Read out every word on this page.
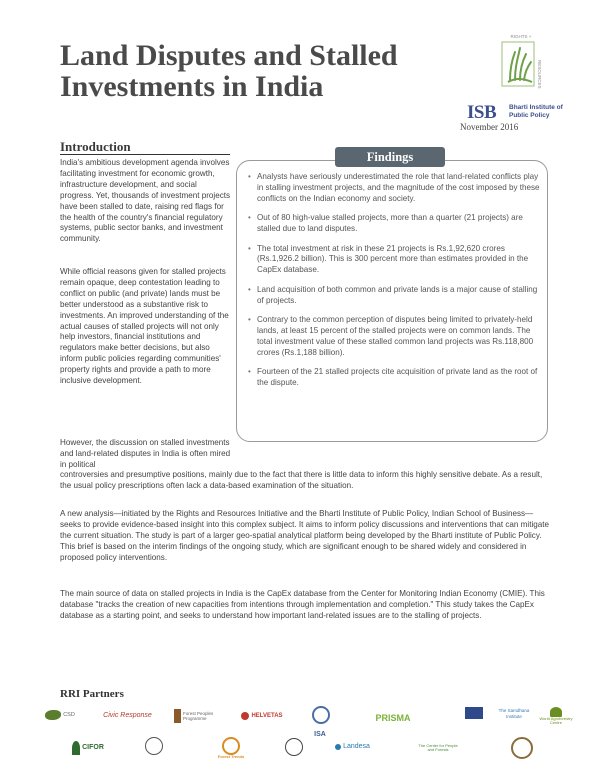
Land Disputes and Stalled
Investments in India
RIGHTS +
RESOURCES
ISB Bharti Institute of Public Policy
November 2016
Introduction

India's ambitious development agenda involves facilitating investment for economic growth, infrastructure development, and social progress. Yet, thousands of investment projects have been stalled to date, raising red flags for the health of the country's financial regulatory systems, public sector banks, and investment community.

While official reasons given for stalled projects remain opaque, deep contestation leading to conflict on public (and private) lands must be better understood as a substantive risk to investments. An improved understanding of the actual causes of stalled projects will not only help investors, financial institutions and regulators make better decisions, but also inform public policies regarding communities' property rights and provide a path to more inclusive development.

However, the discussion on stalled investments and land-related disputes in India is often mired in political

controversies and presumptive positions, mainly due to the fact that there is little data to inform this highly sensitive debate. As a result, the usual policy prescriptions often lack a data-based examination of the situation.

Findings
• Analysts have seriously underestimated the role that land-related conflicts play in stalling investment projects, and the magnitude of the cost imposed by these conflicts on the Indian economy and society.
• Out of 80 high-value stalled projects, more than a quarter (21 projects) are stalled due to land disputes.
• The total investment at risk in these 21 projects is Rs.1,92,620 crores (Rs.1,926.2 billion). This is 300 percent more than estimates provided in the CapEx database.
• Land acquisition of both common and private lands is a major cause of stalling of projects.
• Contrary to the common perception of disputes being limited to privately-held lands, at least 15 percent of the stalled projects were on common lands. The total investment value of these stalled common land projects was Rs.118,800 crores (Rs.1,188 billion).
• Fourteen of the 21 stalled projects cite acquisition of private land as the root of the dispute.

A new analysis—initiated by the Rights and Resources Initiative and the Bharti Institute of Public Policy, Indian School of Business—seeks to provide evidence-based insight into this complex subject. It aims to inform policy discussions and interventions that can mitigate the current situation. The study is part of a larger geo-spatial analytical platform being developed by the Bharti institute of Public Policy. This brief is based on the interim findings of the ongoing study, which are significant enough to be shared widely and considered in proposed policy interventions.

The main source of data on stalled projects in India is the CapEx database from the Center for Monitoring Indian Economy (CMIE). This database "tracks the creation of new capacities from intentions through implementation and completion." This study takes the CapEx database as a starting point, and seeks to understand how important land-related issues are to the stalling of projects.

RRI Partners
CSD	Civic Response	Forest Peoples Programme	HELVETAS
ISA
PRISMA
The Samdhana Institute	World Agroforestry Centre
CIFOR
Forest Trends
Landesa	The Center for People and Forests
